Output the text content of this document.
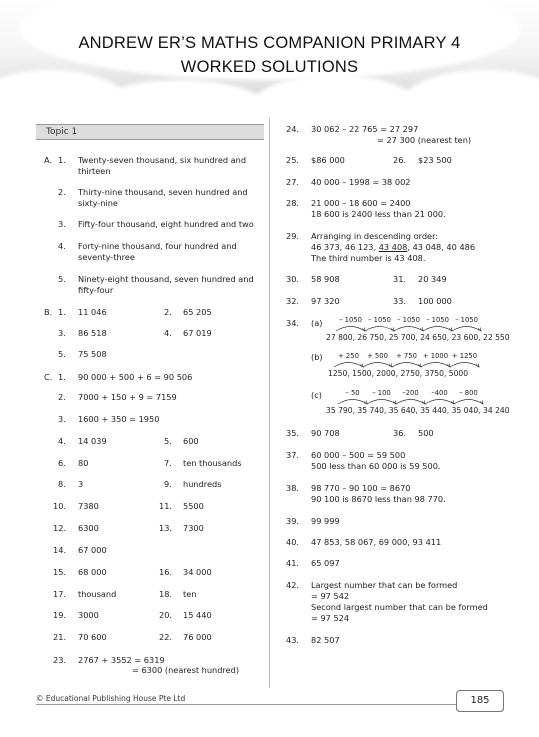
ANDREW ER’S MATHS COMPANION PRIMARY 4
WORKED SOLUTIONS
Topic 1
A. 1. Twenty-seven thousand, six hundred and thirteen
2. Thirty-nine thousand, seven hundred and sixty-nine
3. Fifty-four thousand, eight hundred and two
4. Forty-nine thousand, four hundred and seventy-three
5. Ninety-eight thousand, seven hundred and fifty-four
B. 1. 11 046	2. 65 205
3. 86 518	4. 67 019
5. 75 508
C. 1. 90 000 + 500 + 6 = 90 506
2. 7000 + 150 + 9 = 7159
3. 1600 + 350 = 1950
4. 14 039	5. 600
6. 80	7. ten thousands
8. 3	9. hundreds
10. 7380	11. 5500
12. 6300	13. 7300
14. 67 000
15. 68 000	16. 34 000
17. thousand	18. ten
19. 3000	20. 15 440
21. 70 600	22. 76 000
23. 2767 + 3552 = 6319
= 6300 (nearest hundred)
24. 30 062 – 22 765 = 27 297
= 27 300 (nearest ten)
25. $86 000	26. $23 500
27. 40 000 – 1998 = 38 002
28. 21 000 – 18 600 = 2400
18 600 is 2400 less than 21 000.
29. Arranging in descending order:
46 373, 46 123, 43 408, 43 048, 40 486
The third number is 43 408.
30. 58 908	31. 20 349
32. 97 320	33. 100 000
34. (a)
27 800, 26 750, 25 700, 24 650, 23 600, 22 550
(b)
1250, 1500, 2000, 2750, 3750, 5000
(c)
35 790, 35 740, 35 640, 35 440, 35 040, 34 240
– 1050 – 1050 – 1050 – 1050 – 1050
+ 250 + 500 + 750 + 1000 + 1250
– 50 – 100 –200 –400 – 800
35. 90 708	36. 500
37. 60 000 – 500 = 59 500
500 less than 60 000 is 59 500.
38. 98 770 – 90 100 = 8670
90 100 is 8670 less than 98 770.
39. 99 999
40. 47 853, 58 067, 69 000, 93 411
41. 65 097
42. Largest number that can be formed
= 97 542
Second largest number that can be formed
= 97 524
43. 82 507
© Educational Publishing House Pte Ltd	185
